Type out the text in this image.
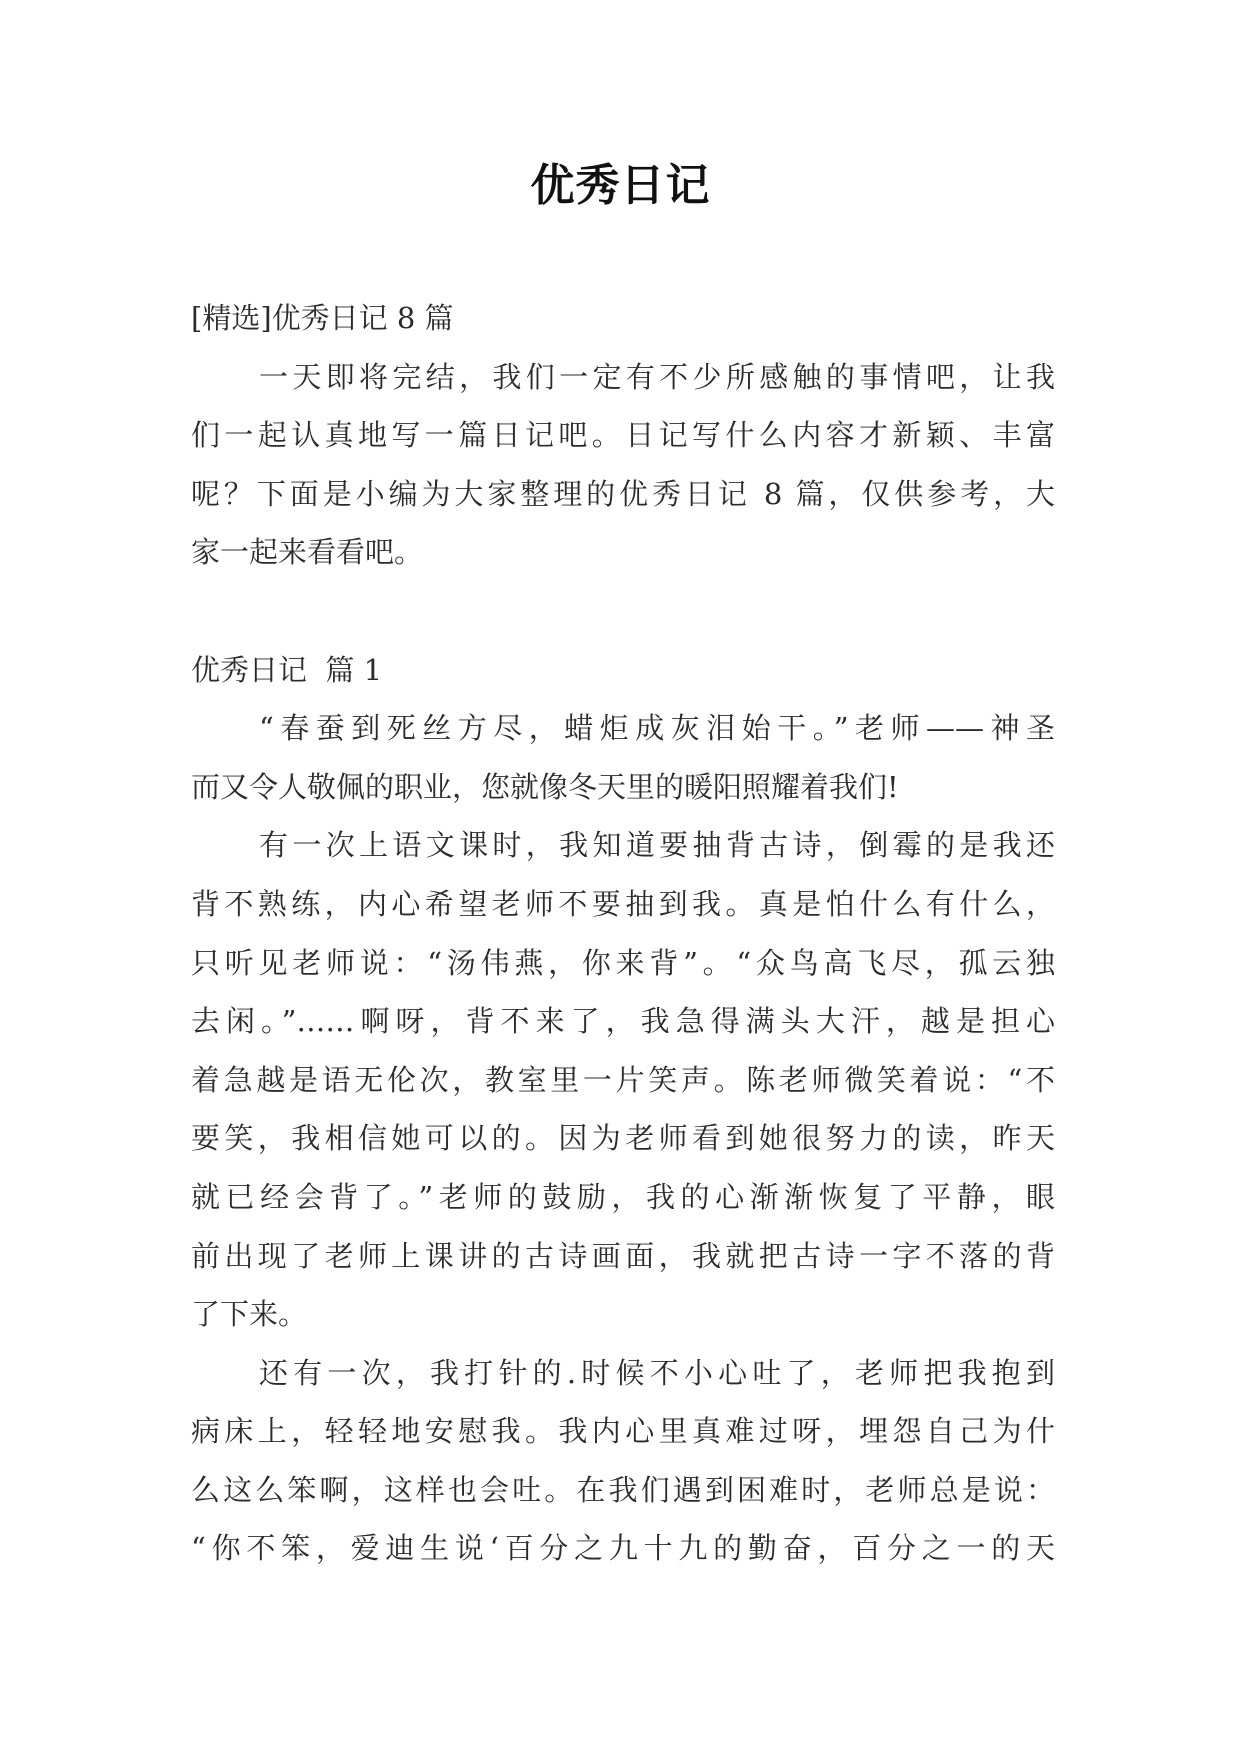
优秀日记
[精选]优秀日记 8 篇
一天即将完结，我们一定有不少所感触的事情吧，让我
们一起认真地写一篇日记吧。日记写什么内容才新颖、丰富
呢？下面是小编为大家整理的优秀日记 8 篇，仅供参考，大
家一起来看看吧。
优秀日记  篇 1
“春蚕到死丝方尽，蜡炬成灰泪始干。”老师——神圣
而又令人敬佩的职业，您就像冬天里的暖阳照耀着我们!
有一次上语文课时，我知道要抽背古诗，倒霉的是我还
背不熟练，内心希望老师不要抽到我。真是怕什么有什么，
只听见老师说：“汤伟燕，你来背”。“众鸟高飞尽，孤云独
去闲。”……啊呀，背不来了，我急得满头大汗，越是担心
着急越是语无伦次，教室里一片笑声。陈老师微笑着说：“不
要笑，我相信她可以的。因为老师看到她很努力的读，昨天
就已经会背了。”老师的鼓励，我的心渐渐恢复了平静，眼
前出现了老师上课讲的古诗画面，我就把古诗一字不落的背
了下来。
还有一次，我打针的.时候不小心吐了，老师把我抱到
病床上，轻轻地安慰我。我内心里真难过呀，埋怨自己为什
么这么笨啊，这样也会吐。在我们遇到困难时，老师总是说：
“你不笨，爱迪生说‘百分之九十九的勤奋，百分之一的天
